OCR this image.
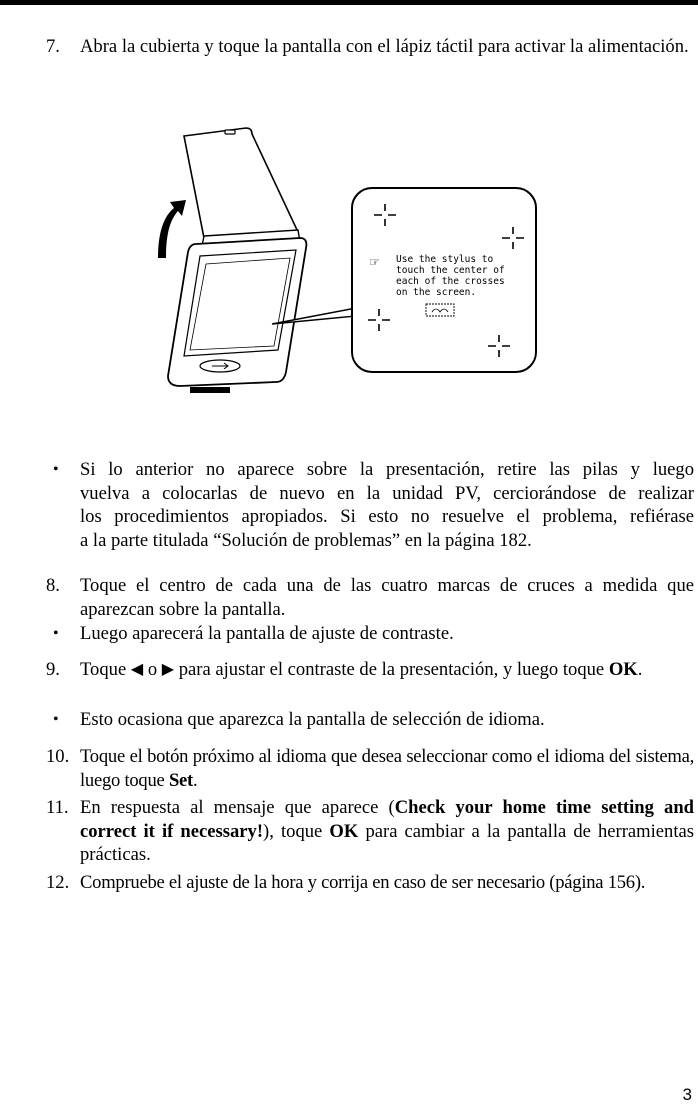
7. Abra la cubierta y toque la pantalla con el lápiz táctil para activar la alimentación.
☞ Use the stylus to
touch the center of
each of the crosses
on the screen.
• Si lo anterior no aparece sobre la presentación, retire las pilas y luego
vuelva a colocarlas de nuevo en la unidad PV, cerciorándose de realizar
los procedimientos apropiados. Si esto no resuelve el problema, refiérase
a la parte titulada “Solución de problemas” en la página 182.
8. Toque el centro de cada una de las cuatro marcas de cruces a medida que aparezcan sobre la pantalla.
• Luego aparecerá la pantalla de ajuste de contraste.
9. Toque ◀ o ▶ para ajustar el contraste de la presentación, y luego toque OK.
• Esto ocasiona que aparezca la pantalla de selección de idioma.
10. Toque el botón próximo al idioma que desea seleccionar como el idioma del sistema, luego toque Set.
11. En respuesta al mensaje que aparece (Check your home time setting and correct it if necessary!), toque OK para cambiar a la pantalla de herramientas prácticas.
12. Compruebe el ajuste de la hora y corrija en caso de ser necesario (página 156).
3
